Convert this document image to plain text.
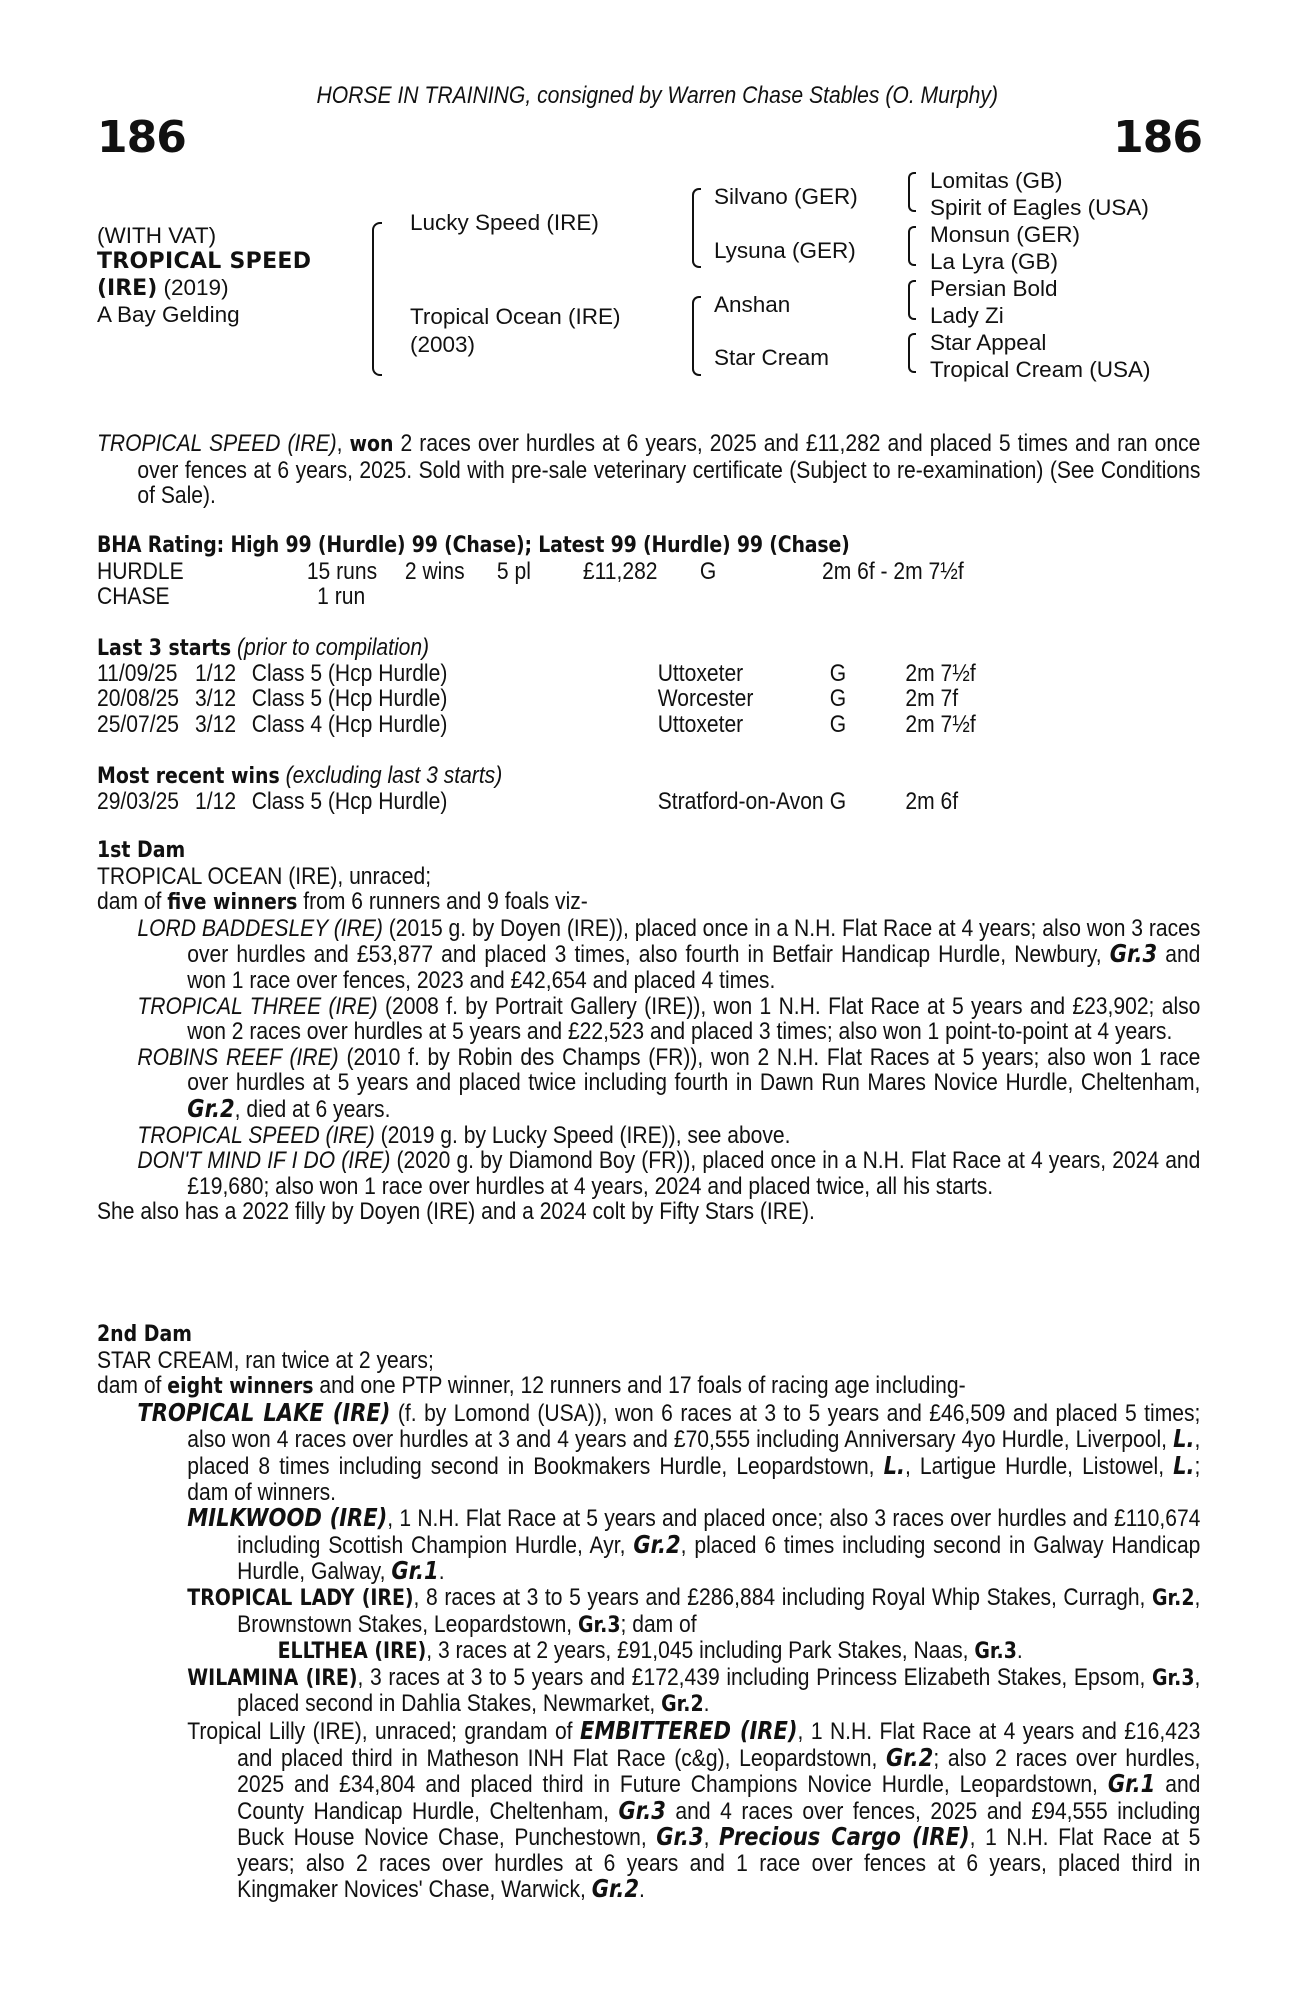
HORSE IN TRAINING, consigned by Warren Chase Stables (O. Murphy)
186	186
(WITH VAT)
TROPICAL SPEED
(IRE) (2019)
A Bay Gelding
Lucky Speed (IRE)
Tropical Ocean (IRE)
(2003)
Silvano (GER)
Lysuna (GER)
Anshan
Star Cream
Lomitas (GB)
Spirit of Eagles (USA)
Monsun (GER)
La Lyra (GB)
Persian Bold
Lady Zi
Star Appeal
Tropical Cream (USA)

TROPICAL SPEED (IRE), won 2 races over hurdles at 6 years, 2025 and £11,282 and placed 5 times and ran once over fences at 6 years, 2025. Sold with pre-sale veterinary certificate (Subject to re-examination) (See Conditions of Sale).

BHA Rating: High 99 (Hurdle) 99 (Chase); Latest 99 (Hurdle) 99 (Chase)
HURDLE	15 runs 2 wins 5 pl £11,282 G	2m 6f - 2m 7½f
CHASE	1 run
Last 3 starts (prior to compilation)
11/09/25 1/12 Class 5 (Hcp Hurdle)	Uttoxeter	G 2m 7½f
20/08/25 3/12 Class 5 (Hcp Hurdle)	Worcester	G 2m 7f
25/07/25 3/12 Class 4 (Hcp Hurdle)	Uttoxeter	G 2m 7½f
Most recent wins (excluding last 3 starts)
29/03/25 1/12 Class 5 (Hcp Hurdle)	Stratford-on-Avon G 2m 6f

1st Dam

TROPICAL OCEAN (IRE), unraced;

dam of five winners from 6 runners and 9 foals viz-

LORD BADDESLEY (IRE) (2015 g. by Doyen (IRE)), placed once in a N.H. Flat Race at 4 years; also won 3 races over hurdles and £53,877 and placed 3 times, also fourth in Betfair Handicap Hurdle, Newbury, Gr.3 and won 1 race over fences, 2023 and £42,654 and placed 4 times.

TROPICAL THREE (IRE) (2008 f. by Portrait Gallery (IRE)), won 1 N.H. Flat Race at 5 years and £23,902; also won 2 races over hurdles at 5 years and £22,523 and placed 3 times; also won 1 point-to-point at 4 years.

ROBINS REEF (IRE) (2010 f. by Robin des Champs (FR)), won 2 N.H. Flat Races at 5 years; also won 1 race over hurdles at 5 years and placed twice including fourth in Dawn Run Mares Novice Hurdle, Cheltenham, Gr.2, died at 6 years.

TROPICAL SPEED (IRE) (2019 g. by Lucky Speed (IRE)), see above.

DON'T MIND IF I DO (IRE) (2020 g. by Diamond Boy (FR)), placed once in a N.H. Flat Race at 4 years, 2024 and £19,680; also won 1 race over hurdles at 4 years, 2024 and placed twice, all his starts.

She also has a 2022 filly by Doyen (IRE) and a 2024 colt by Fifty Stars (IRE).

2nd Dam

STAR CREAM, ran twice at 2 years;

dam of eight winners and one PTP winner, 12 runners and 17 foals of racing age including-

TROPICAL LAKE (IRE) (f. by Lomond (USA)), won 6 races at 3 to 5 years and £46,509 and placed 5 times; also won 4 races over hurdles at 3 and 4 years and £70,555 including Anniversary 4yo Hurdle, Liverpool, L., placed 8 times including second in Bookmakers Hurdle, Leopardstown, L., Lartigue Hurdle, Listowel, L.; dam of winners.

MILKWOOD (IRE), 1 N.H. Flat Race at 5 years and placed once; also 3 races over hurdles and £110,674 including Scottish Champion Hurdle, Ayr, Gr.2, placed 6 times including second in Galway Handicap Hurdle, Galway, Gr.1.

TROPICAL LADY (IRE), 8 races at 3 to 5 years and £286,884 including Royal Whip Stakes, Curragh, Gr.2, Brownstown Stakes, Leopardstown, Gr.3; dam of

ELLTHEA (IRE), 3 races at 2 years, £91,045 including Park Stakes, Naas, Gr.3.

WILAMINA (IRE), 3 races at 3 to 5 years and £172,439 including Princess Elizabeth Stakes, Epsom, Gr.3, placed second in Dahlia Stakes, Newmarket, Gr.2.

Tropical Lilly (IRE), unraced; grandam of EMBITTERED (IRE), 1 N.H. Flat Race at 4 years and £16,423 and placed third in Matheson INH Flat Race (c&g), Leopardstown, Gr.2; also 2 races over hurdles, 2025 and £34,804 and placed third in Future Champions Novice Hurdle, Leopardstown, Gr.1 and County Handicap Hurdle, Cheltenham, Gr.3 and 4 races over fences, 2025 and £94,555 including Buck House Novice Chase, Punchestown, Gr.3, Precious Cargo (IRE), 1 N.H. Flat Race at 5 years; also 2 races over hurdles at 6 years and 1 race over fences at 6 years, placed third in Kingmaker Novices' Chase, Warwick, Gr.2.
